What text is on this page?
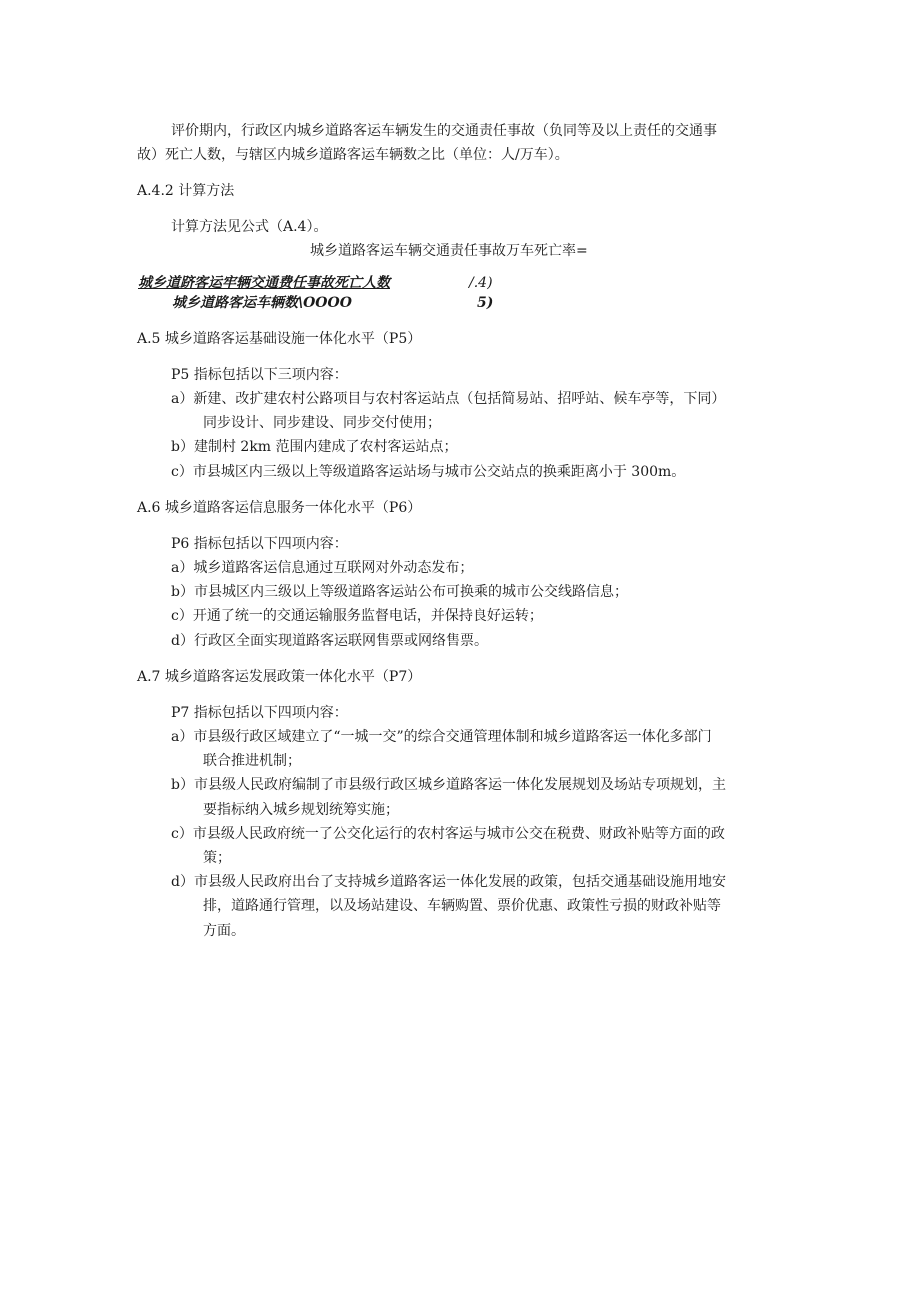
评价期内，行政区内城乡道路客运车辆发生的交通责任事故（负同等及以上责任的交通事
故）死亡人数，与辖区内城乡道路客运车辆数之比（单位：人/万车）。
A.4.2 计算方法
计算方法见公式（A.4）。
城乡道路客运车辆交通责任事故万车死亡率=
城乡道跻客运牢辆交通费任事故死亡人数	/.4)
城乡道路客运车辆数\OOOO	5)
A.5 城乡道路客运基础设施一体化水平（P5）
P5 指标包括以下三项内容：
a）新建、改扩建农村公路项目与农村客运站点（包括简易站、招呼站、候车亭等，下同）
同步设计、同步建设、同步交付使用；
b）建制村 2km 范围内建成了农村客运站点；
c）市县城区内三级以上等级道路客运站场与城市公交站点的换乘距离小于 300m。
A.6 城乡道路客运信息服务一体化水平（P6）
P6 指标包括以下四项内容：
a）城乡道路客运信息通过互联网对外动态发布；
b）市县城区内三级以上等级道路客运站公布可换乘的城市公交线路信息；
c）开通了统一的交通运输服务监督电话，并保持良好运转；
d）行政区全面实现道路客运联网售票或网络售票。
A.7 城乡道路客运发展政策一体化水平（P7）
P7 指标包括以下四项内容：
a）市县级行政区域建立了“一城一交”的综合交通管理体制和城乡道路客运一体化多部门
联合推进机制；
b）市县级人民政府编制了市县级行政区城乡道路客运一体化发展规划及场站专项规划，主
要指标纳入城乡规划统筹实施；
c）市县级人民政府统一了公交化运行的农村客运与城市公交在税费、财政补贴等方面的政
策；
d）市县级人民政府出台了支持城乡道路客运一体化发展的政策，包括交通基础设施用地安
排，道路通行管理，以及场站建设、车辆购置、票价优惠、政策性亏损的财政补贴等
方面。
